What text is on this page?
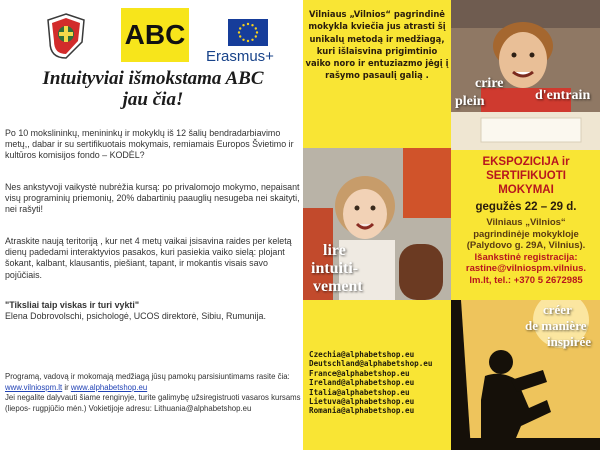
ABC
Erasmus+
Intuityviai išmokstama ABC
jau čia!

Po 10 mokslininkų, menininkų ir mokyklų iš 12 šalių bendradarbiavimo metų,, dabar ir su sertifikuotais mokymais, remiamais Europos Švietimo ir kultūros komisijos fondo – KODĖL?

Nes ankstyvoji vaikystė nubrėžia kursą: po privalomojo mokymo, nepaisant visų programinių priemonių, 20% dabartinių paauglių nesugeba nei skaityti, nei rašyti!

Atraskite naują teritoriją , kur net 4 metų vaikai įsisavina raides per keletą dienų padedami interaktyvios pasakos, kuri pasiekia vaiko sielą: plojant šokant, kalbant, klausantis, piešiant, tapant, ir mokantis visais savo pojūčiais.

"Tiksliai taip viskas ir turi vykti"
Elena Dobrovolschi, psichologė, UCOS direktorė, Sibiu, Rumunija.
Programą, vadovą ir mokomają medžiagą jūsų pamokų parsisiuntimams rasite čia:
www.vilniospm.lt ir www.alphabetshop.eu
Jei negalite dalyvauti šiame renginyje, turite galimybę užsiregistruoti vasaros kursams (liepos- rugpjūčio mėn.) Vokietijoje adresu: Lithuania@alphabetshop.eu
Vilniaus „Vilnios“ pagrindinė mokykla kviečia jus atrasti šį unikalų metodą ir medžiagą, kuri išlaisvina prigimtinio vaiko noro ir entuziazmo jėgį į rašymo pasaulį galią .
lire
intuiti-
vement
Czechia@alphabetshop.eu
Deutschland@alphabetshop.eu
France@alphabetshop.eu
Ireland@alphabetshop.eu
Italia@alphabetshop.eu
Lietuva@alphabetshop.eu
Romania@alphabetshop.eu
crire
plein	d'entrain
EKSPOZICIJA ir
SERTIFIKUOTI
MOKYMAI
gegužės 22 – 29 d.
Vilniaus „Vilnios“
pagrindinėje mokykloje
(Palydovo g. 29A, Vilnius).
Išankstinė registracija:
rastine@vilniospm.vilnius.
lm.lt, tel.: +370 5 2672985
créer
de manière
inspirée
